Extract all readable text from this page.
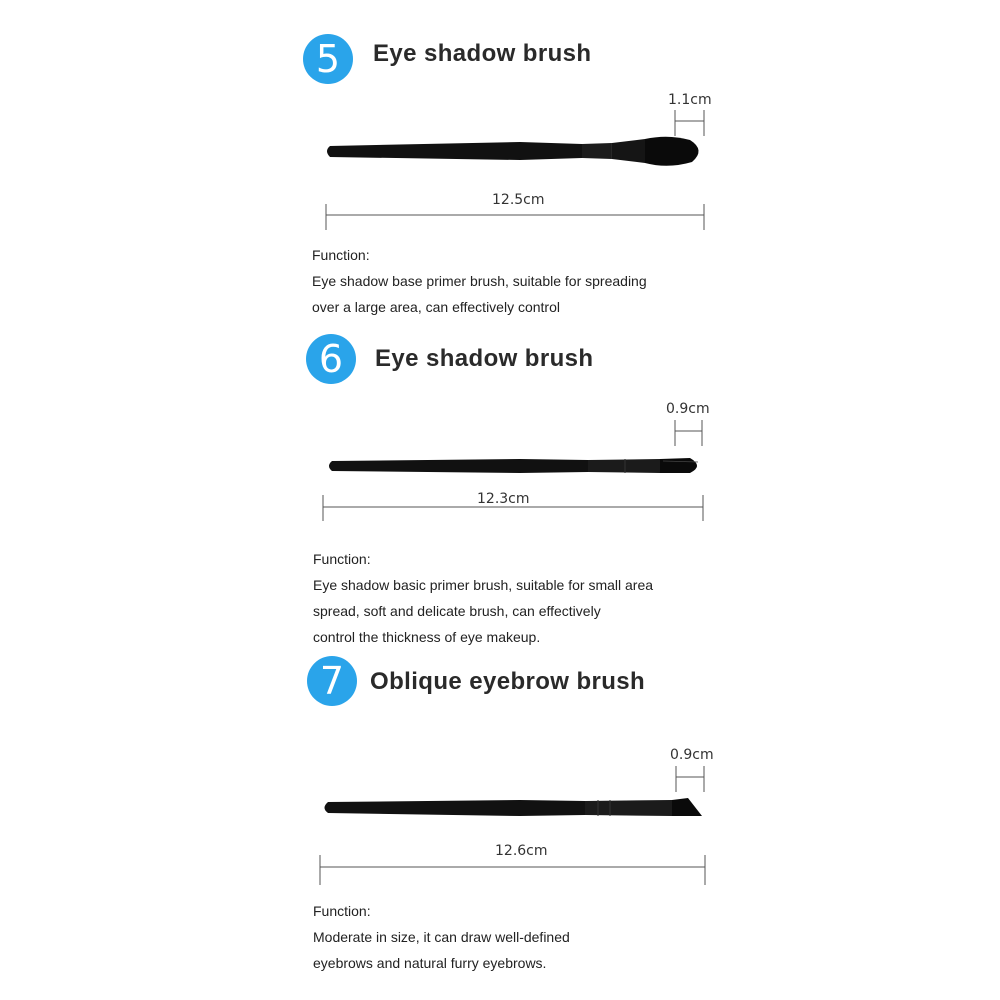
5	Eye shadow brush
1.1cm
12.5cm
Function:
Eye shadow base primer brush, suitable for spreading
over a large area, can effectively control
6	Eye shadow brush
0.9cm
12.3cm
Function:
Eye shadow basic primer brush, suitable for small area
spread, soft and delicate brush, can effectively
control the thickness of eye makeup.
7	Oblique eyebrow brush
0.9cm
12.6cm
Function:
Moderate in size, it can draw well-defined
eyebrows and natural furry eyebrows.
